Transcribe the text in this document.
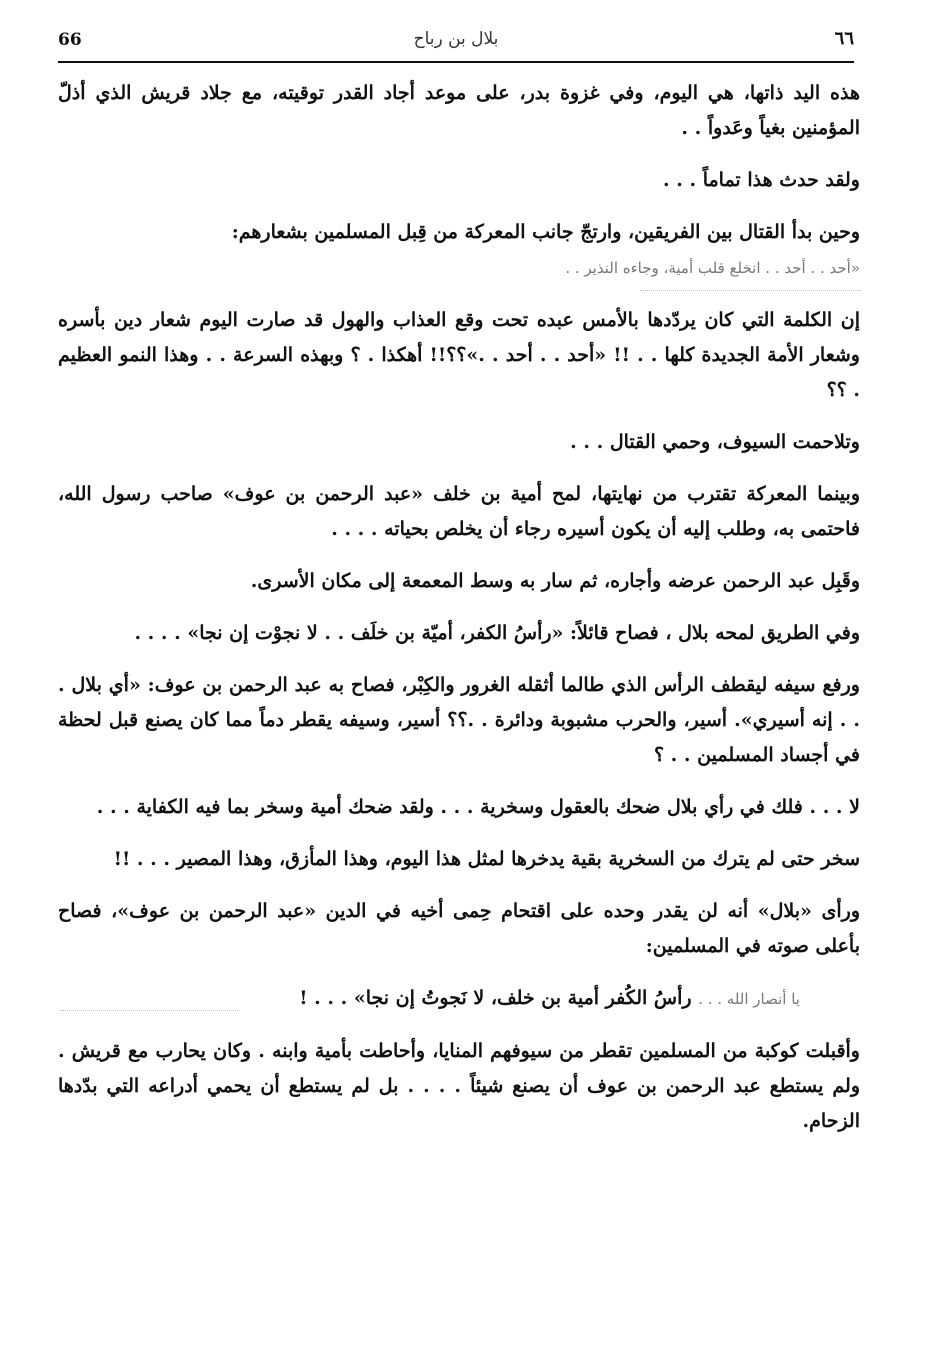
66	بلال بن رباح	٦٦

هذه اليد ذاتها، هي اليوم، وفي غزوة بدر، على موعد أجاد القدر توقيته، مع جلاد قريش الذي أذلّ المؤمنين بغياً وعَدواً . .

ولقد حدث هذا تماماً . . .

وحين بدأ القتال بين الفريقين، وارتجّ جانب المعركة من قِبل المسلمين بشعارهم:

«أحد . . أحد . . انخلع قلب أمية، وجاءه النذير . .

إن الكلمة التي كان يردّدها بالأمس عبده تحت وقع العذاب والهول قد صارت اليوم شعار دين بأسره وشعار الأمة الجديدة كلها . . !! «أحد . . أحد . .»؟؟!! أهكذا . ؟ وبهذه السرعة . . وهذا النمو العظيم . ؟؟

وتلاحمت السيوف، وحمي القتال . . .

وبينما المعركة تقترب من نهايتها، لمح أمية بن خلف «عبد الرحمن بن عوف» صاحب رسول الله، فاحتمى به، وطلب إليه أن يكون أسيره رجاء أن يخلص بحياته . . . .

وقَبِل عبد الرحمن عرضه وأجاره، ثم سار به وسط المعمعة إلى مكان الأسرى.

وفي الطريق لمحه بلال ، فصاح قائلاً: «رأسُ الكفر، أميّة بن خلَف . . لا نجوْت إن نجا» . . . .

ورفع سيفه ليقطف الرأس الذي طالما أثقله الغرور والكِبْر، فصاح به عبد الرحمن بن عوف: «أي بلال . . . إنه أسيري». أسير، والحرب مشبوبة ودائرة . .؟؟ أسير، وسيفه يقطر دماً مما كان يصنع قبل لحظة في أجساد المسلمين . . ؟

لا . . . فلك في رأي بلال ضحك بالعقول وسخرية . . . ولقد ضحك أمية وسخر بما فيه الكفاية . . .

سخر حتى لم يترك من السخرية بقية يدخرها لمثل هذا اليوم، وهذا المأزق، وهذا المصير . . . !!

ورأى «بلال» أنه لن يقدر وحده على اقتحام حِمى أخيه في الدين «عبد الرحمن بن عوف»، فصاح بأعلى صوته في المسلمين:

يا أنصار الله . . . رأسُ الكُفر أمية بن خلف، لا نَجوتُ إن نجا» . . . !

وأقبلت كوكبة من المسلمين تقطر من سيوفهم المنايا، وأحاطت بأمية وابنه . وكان يحارب مع قريش . ولم يستطع عبد الرحمن بن عوف أن يصنع شيئاً . . . . بل لم يستطع أن يحمي أدراعه التي بدّدها الزحام.
